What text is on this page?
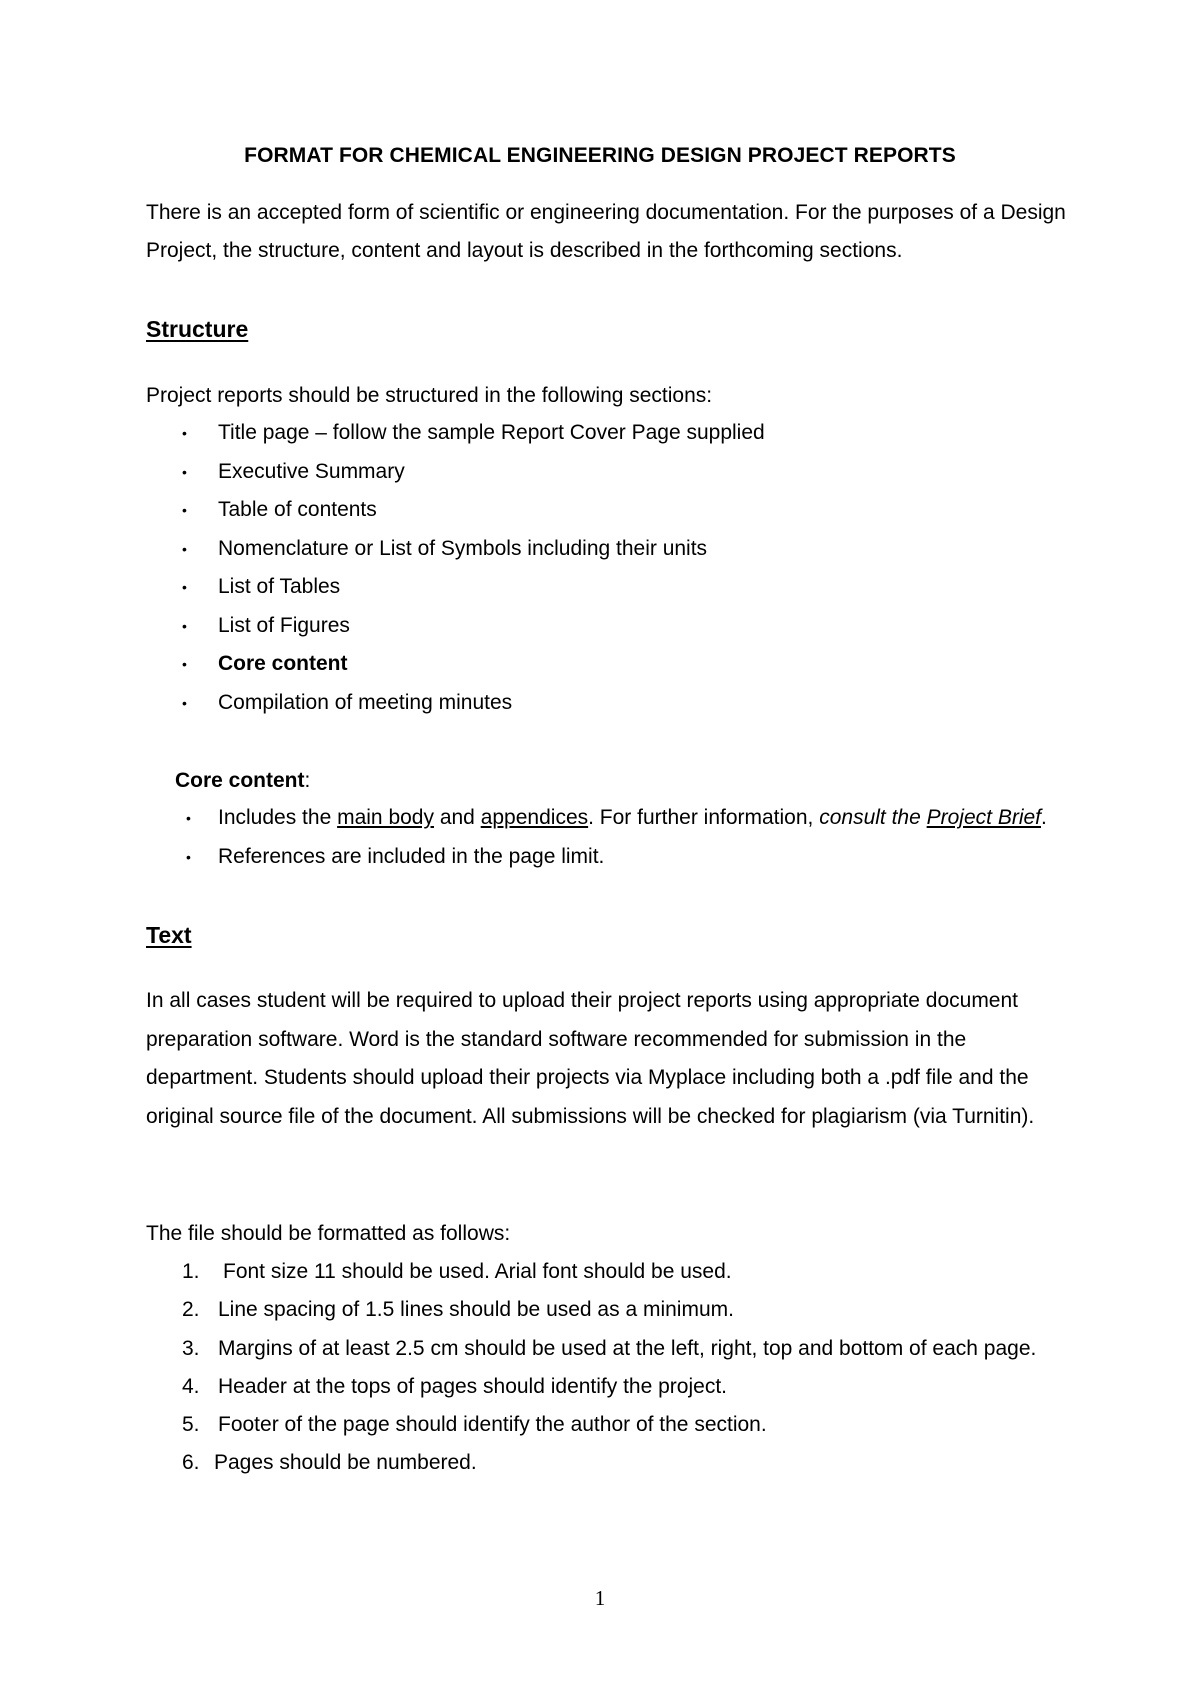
FORMAT FOR CHEMICAL ENGINEERING DESIGN PROJECT REPORTS
There is an accepted form of scientific or engineering documentation. For the purposes of a Design Project, the structure, content and layout is described in the forthcoming sections.
Structure
Project reports should be structured in the following sections:
• Title page – follow the sample Report Cover Page supplied
• Executive Summary
• Table of contents
• Nomenclature or List of Symbols including their units
• List of Tables
• List of Figures
• Core content
• Compilation of meeting minutes
Core content:
• Includes the main body and appendices. For further information, consult the Project Brief.
• References are included in the page limit.
Text
In all cases student will be required to upload their project reports using appropriate document preparation software. Word is the standard software recommended for submission in the department. Students should upload their projects via Myplace including both a .pdf file and the original source file of the document. All submissions will be checked for plagiarism (via Turnitin).
The file should be formatted as follows:
1. Font size 11 should be used. Arial font should be used.
2. Line spacing of 1.5 lines should be used as a minimum.
3. Margins of at least 2.5 cm should be used at the left, right, top and bottom of each page.
4. Header at the tops of pages should identify the project.
5. Footer of the page should identify the author of the section.
6. Pages should be numbered.
1
